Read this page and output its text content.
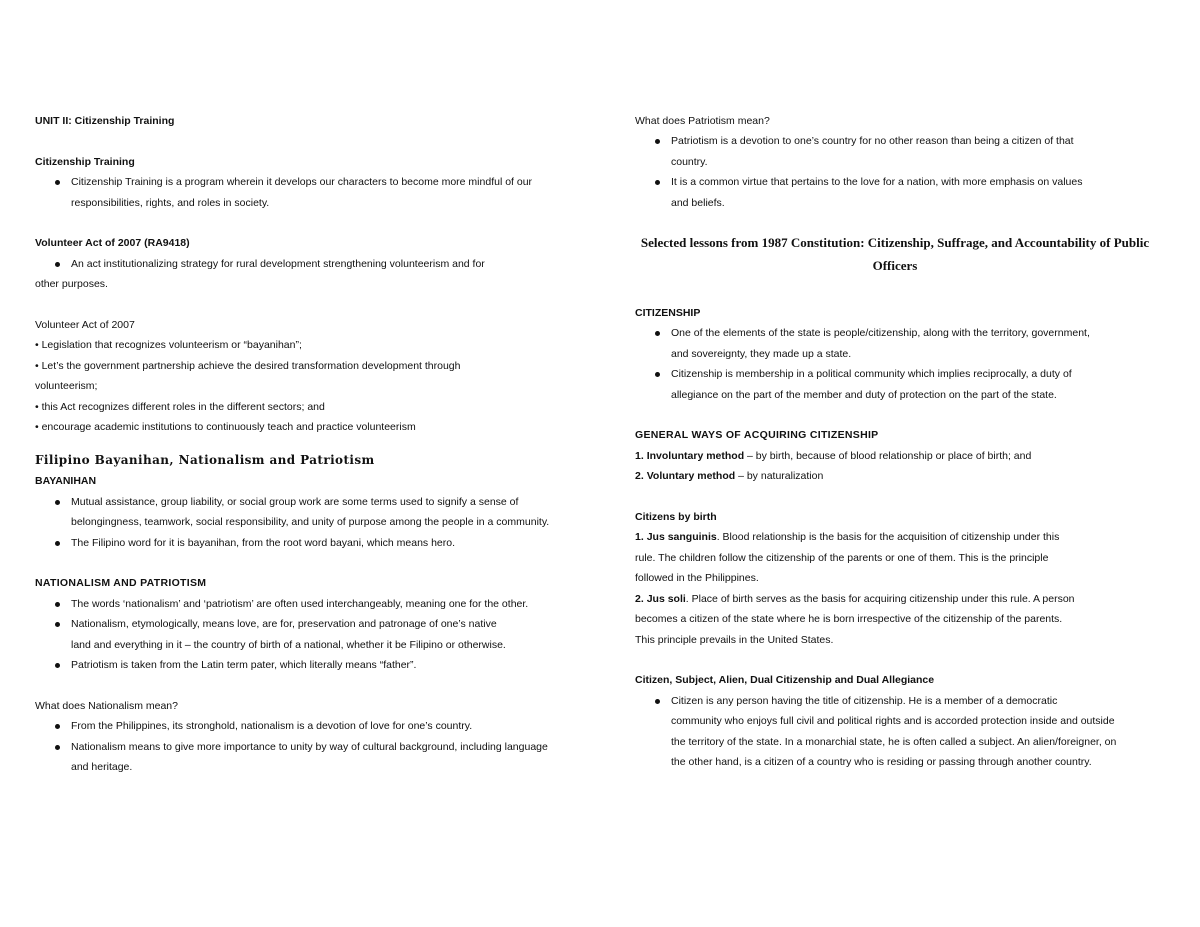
UNIT II: Citizenship Training
Citizenship Training
Citizenship Training is a program wherein it develops our characters to become more mindful of our
responsibilities, rights, and roles in society.
Volunteer Act of 2007 (RA9418)
An act institutionalizing strategy for rural development strengthening volunteerism and for
other purposes.
Volunteer Act of 2007
• Legislation that recognizes volunteerism or “bayanihan”;
• Let’s the government partnership achieve the desired transformation development through
volunteerism;
• this Act recognizes different roles in the different sectors; and
• encourage academic institutions to continuously teach and practice volunteerism
Filipino Bayanihan, Nationalism and Patriotism
BAYANIHAN
Mutual assistance, group liability, or social group work are some terms used to signify a sense of
belongingness, teamwork, social responsibility, and unity of purpose among the people in a community.
The Filipino word for it is bayanihan, from the root word bayani, which means hero.
NATIONALISM AND PATRIOTISM
The words ‘nationalism’ and ‘patriotism’ are often used interchangeably, meaning one for the other.
Nationalism, etymologically, means love, are for, preservation and patronage of one’s native
land and everything in it – the country of birth of a national, whether it be Filipino or otherwise.
Patriotism is taken from the Latin term pater, which literally means “father”.
What does Nationalism mean?
From the Philippines, its stronghold, nationalism is a devotion of love for one’s country.
Nationalism means to give more importance to unity by way of cultural background, including language
and heritage.
What does Patriotism mean?
Patriotism is a devotion to one’s country for no other reason than being a citizen of that
country.
It is a common virtue that pertains to the love for a nation, with more emphasis on values
and beliefs.
Selected lessons from 1987 Constitution: Citizenship, Suffrage, and Accountability of Public Officers
CITIZENSHIP
One of the elements of the state is people/citizenship, along with the territory, government,
and sovereignty, they made up a state.
Citizenship is membership in a political community which implies reciprocally, a duty of
allegiance on the part of the member and duty of protection on the part of the state.
GENERAL WAYS OF ACQUIRING CITIZENSHIP
1. Involuntary method – by birth, because of blood relationship or place of birth; and
2. Voluntary method – by naturalization
Citizens by birth
1. Jus sanguinis. Blood relationship is the basis for the acquisition of citizenship under this
rule. The children follow the citizenship of the parents or one of them. This is the principle
followed in the Philippines.
2. Jus soli. Place of birth serves as the basis for acquiring citizenship under this rule. A person
becomes a citizen of the state where he is born irrespective of the citizenship of the parents.
This principle prevails in the United States.
Citizen, Subject, Alien, Dual Citizenship and Dual Allegiance
Citizen is any person having the title of citizenship. He is a member of a democratic
community who enjoys full civil and political rights and is accorded protection inside and outside
the territory of the state. In a monarchial state, he is often called a subject. An alien/foreigner, on
the other hand, is a citizen of a country who is residing or passing through another country.
